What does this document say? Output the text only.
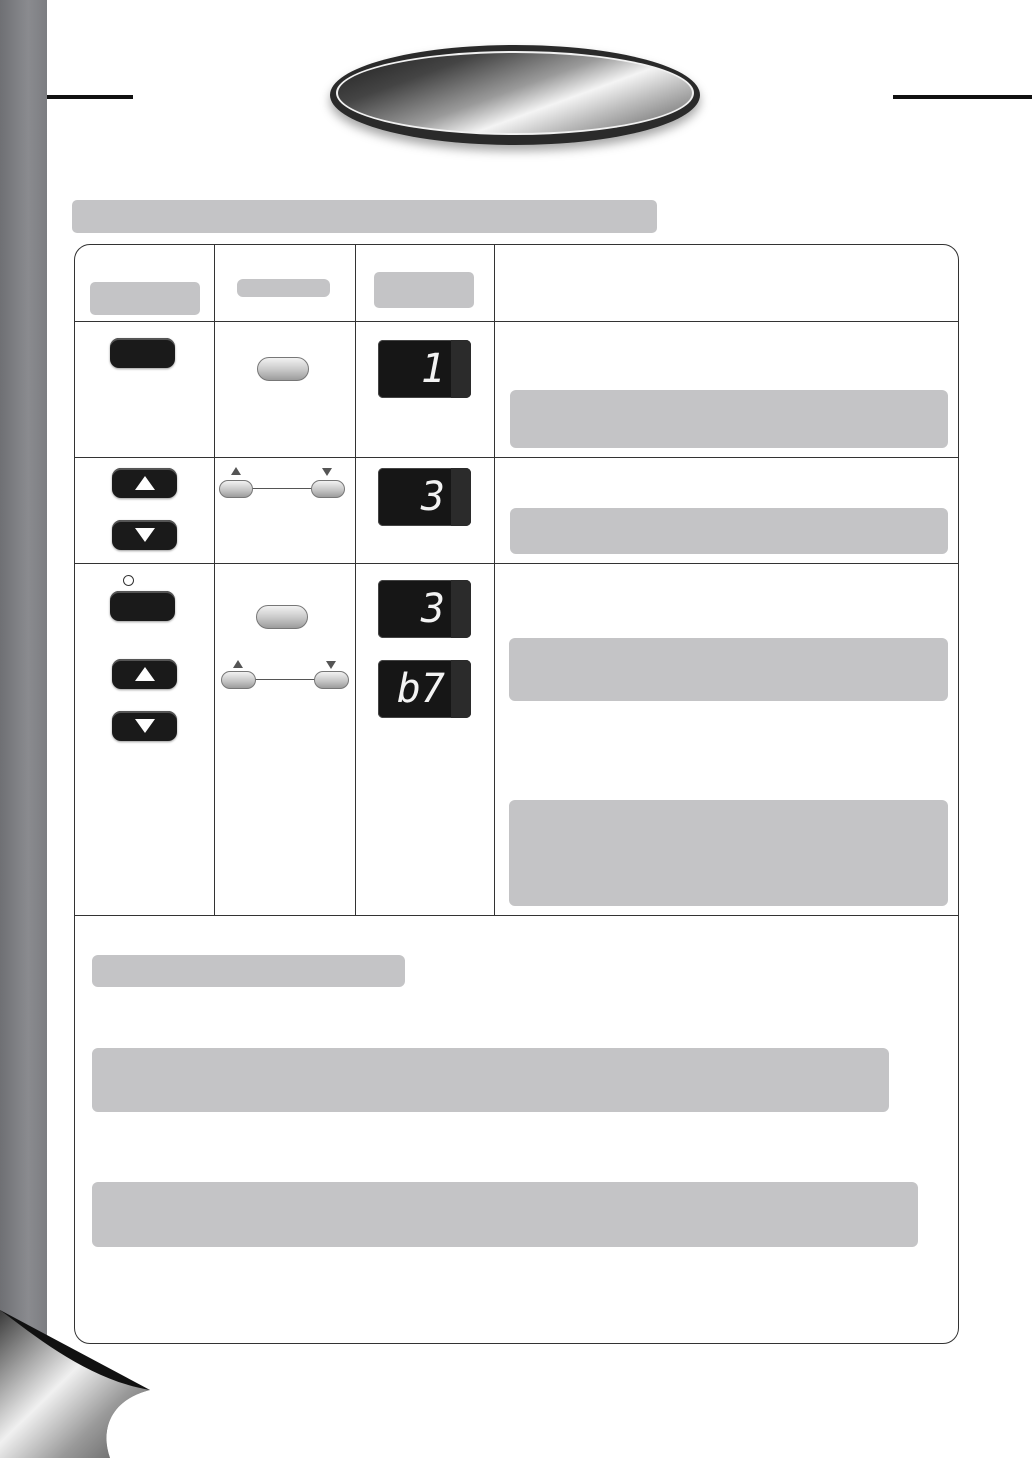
1
3
3
b7
